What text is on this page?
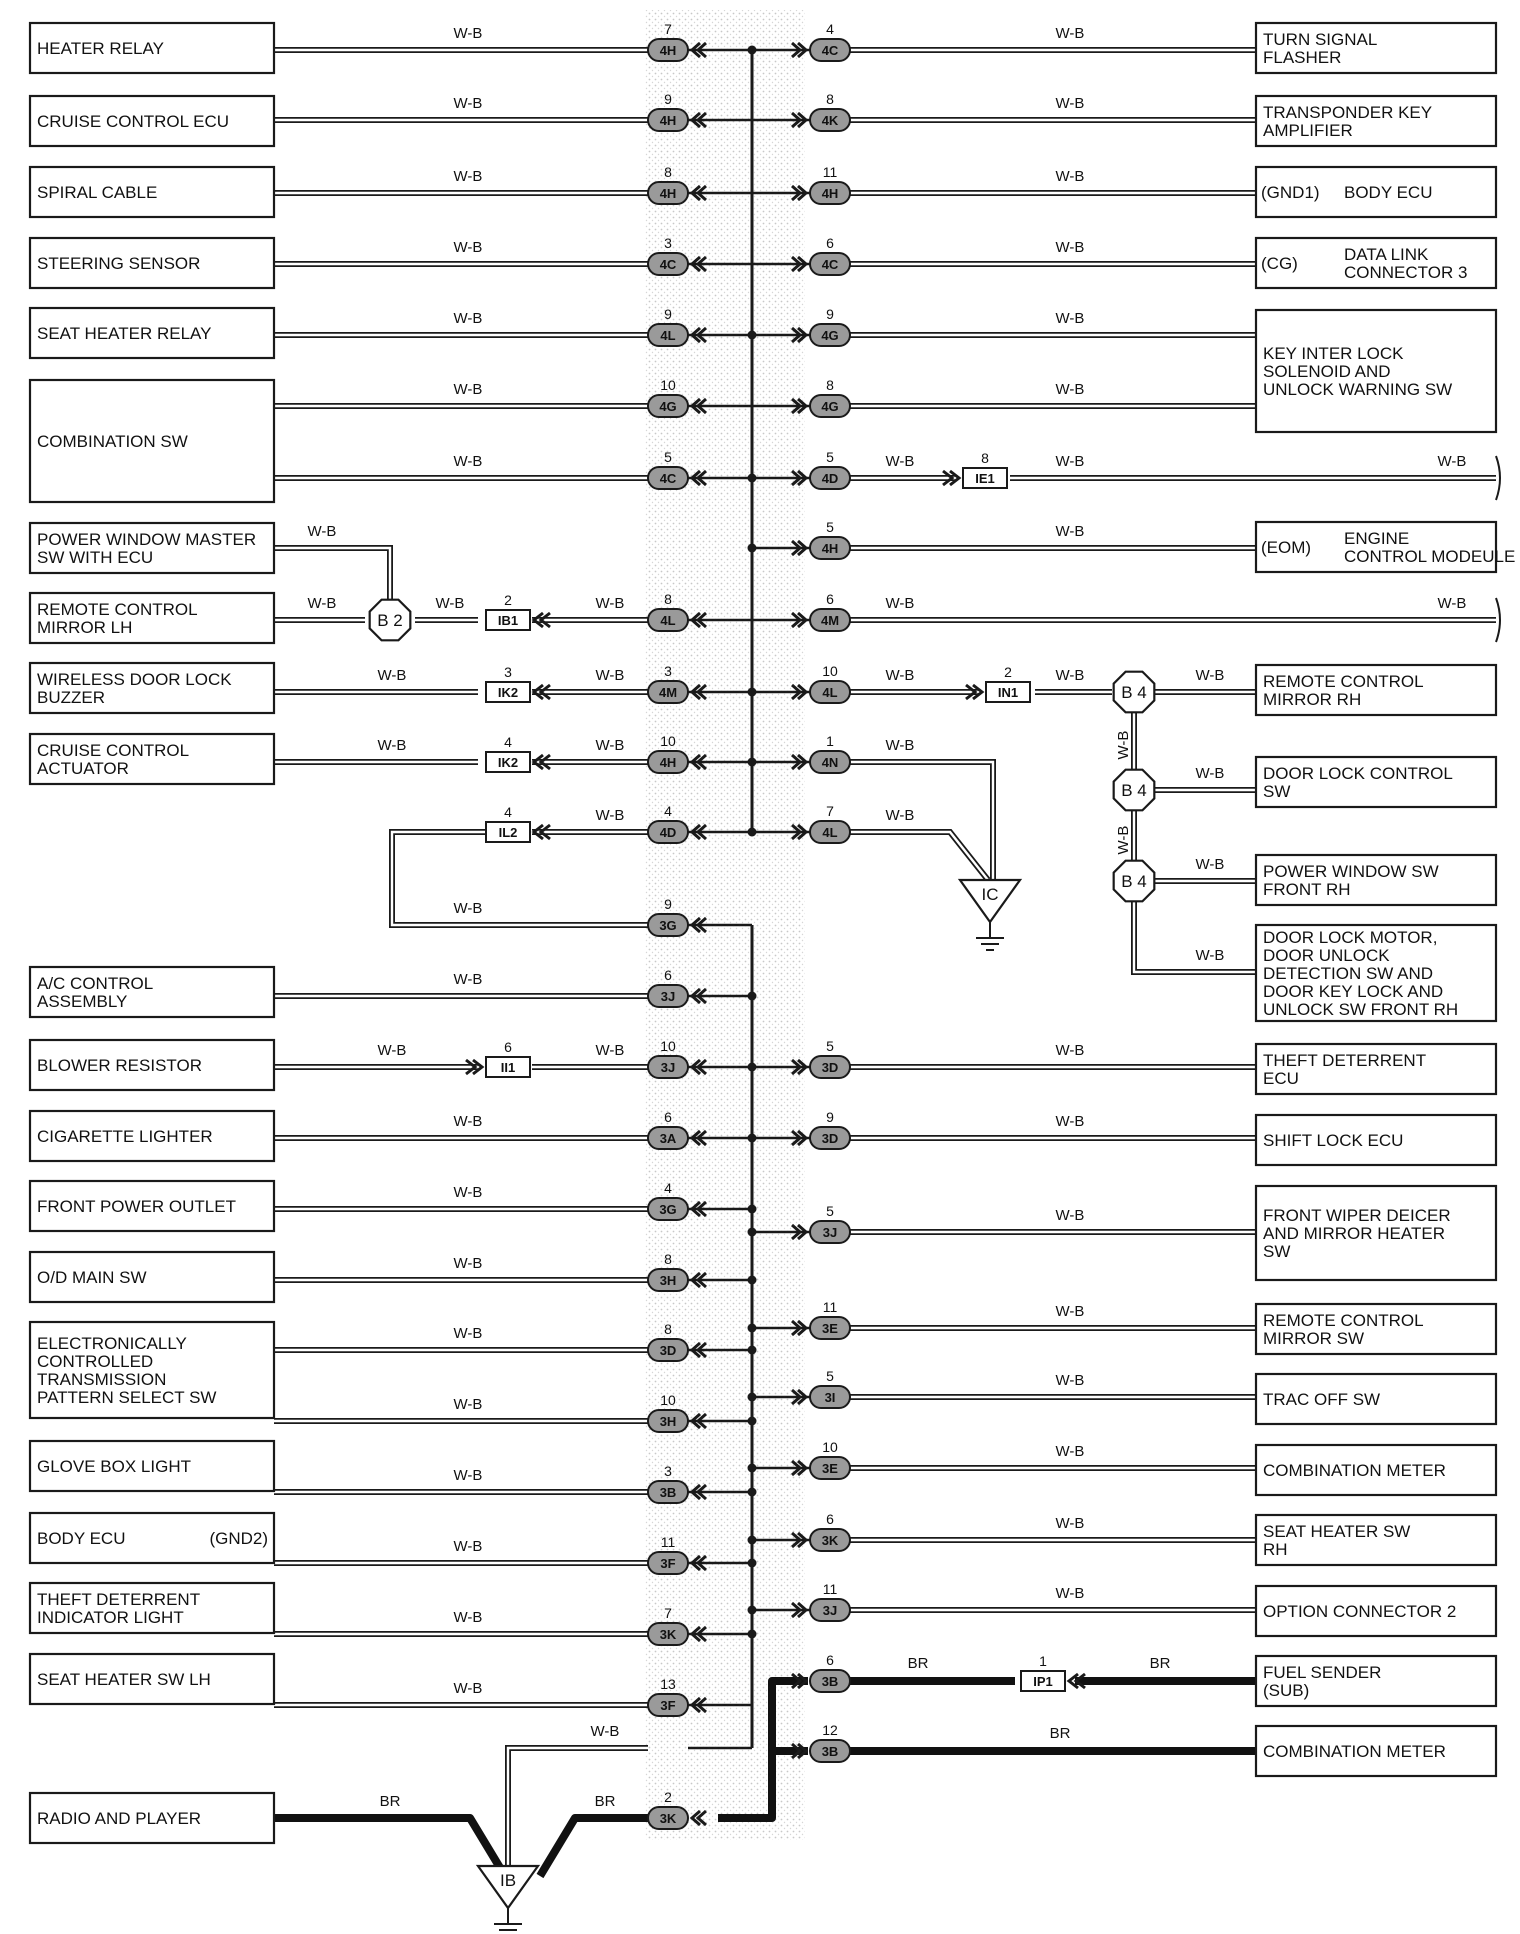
HEATER RELAY
CRUISE CONTROL ECU
SPIRAL CABLE
STEERING SENSOR
SEAT HEATER RELAY
COMBINATION SW
POWER WINDOW MASTER
SW WITH ECU
REMOTE CONTROL
MIRROR LH
WIRELESS DOOR LOCK
BUZZER
CRUISE CONTROL
ACTUATOR
A/C CONTROL
ASSEMBLY
BLOWER RESISTOR
CIGARETTE LIGHTER
FRONT POWER OUTLET
O/D MAIN SW
ELECTRONICALLY
CONTROLLED
TRANSMISSION
PATTERN SELECT SW
GLOVE BOX LIGHT
BODY ECU	(GND2)
THEFT DETERRENT
INDICATOR LIGHT
SEAT HEATER SW LH
RADIO AND PLAYER
TURN SIGNAL
FLASHER
TRANSPONDER KEY
AMPLIFIER
BODY ECU
(GND1)
DATA LINK
CONNECTOR 3
(CG)
KEY INTER LOCK
SOLENOID AND
UNLOCK WARNING SW
ENGINE
CONTROL MODEULE
(EOM)
REMOTE CONTROL
MIRROR RH
DOOR LOCK CONTROL
SW
POWER WINDOW SW
FRONT RH
DOOR LOCK MOTOR,
DOOR UNLOCK
DETECTION SW AND
DOOR KEY LOCK AND
UNLOCK SW FRONT RH
THEFT DETERRENT
ECU
SHIFT LOCK ECU
FRONT WIPER DEICER
AND MIRROR HEATER
SW
REMOTE CONTROL
MIRROR SW
TRAC OFF SW
COMBINATION METER
SEAT HEATER SW
RH
OPTION CONNECTOR 2
FUEL SENDER
(SUB)
COMBINATION METER
IE1
8
IB1
2
IK2
3
IN1
2
IK2
4
IL2
4
II1
6
IP1
1
B 2
B 4
B 4
B 4
IC
IB
4H
7
4H
9
4H
8
4C
3
4L
9
4G
10
4C
5
4L
8
4M
3
4H
10
4D
4
3G
9
3J
6
3J
10
3A
6
3G
4
3H
8
3D
8
3H
10
3B
3
3F
11
3K
7
3F
13
3K
2
4C
4
4K
8
4H
11
4C
6
4G
9
4G
8
4D
5
4H
5
4M
6
4L
10
4N
1
4L
7
3D
5
3D
9
3J
5
3E
11
3I
5
3E
10
3K
6
3J
11
3B
6
3B
12
W-B
W-B
W-B
W-B
W-B
W-B
W-B
W-B
W-B	W-B	W-B
W-B	W-B
W-B	W-B
W-B
W-B
W-B
W-B
W-B
W-B
W-B
W-B
W-B
W-B
W-B
W-B
W-B	W-B
W-B
BR	BR
W-B
W-B
W-B
W-B
W-B
W-B
W-B	W-B	W-B
W-B
W-B	W-B
W-B	W-B	W-B
W-B
W-B
W-B
W-B
W-B
W-B
W-B
W-B
W-B
W-B
W-B
W-B
W-B
W-B
W-B
BR	BR
BR
